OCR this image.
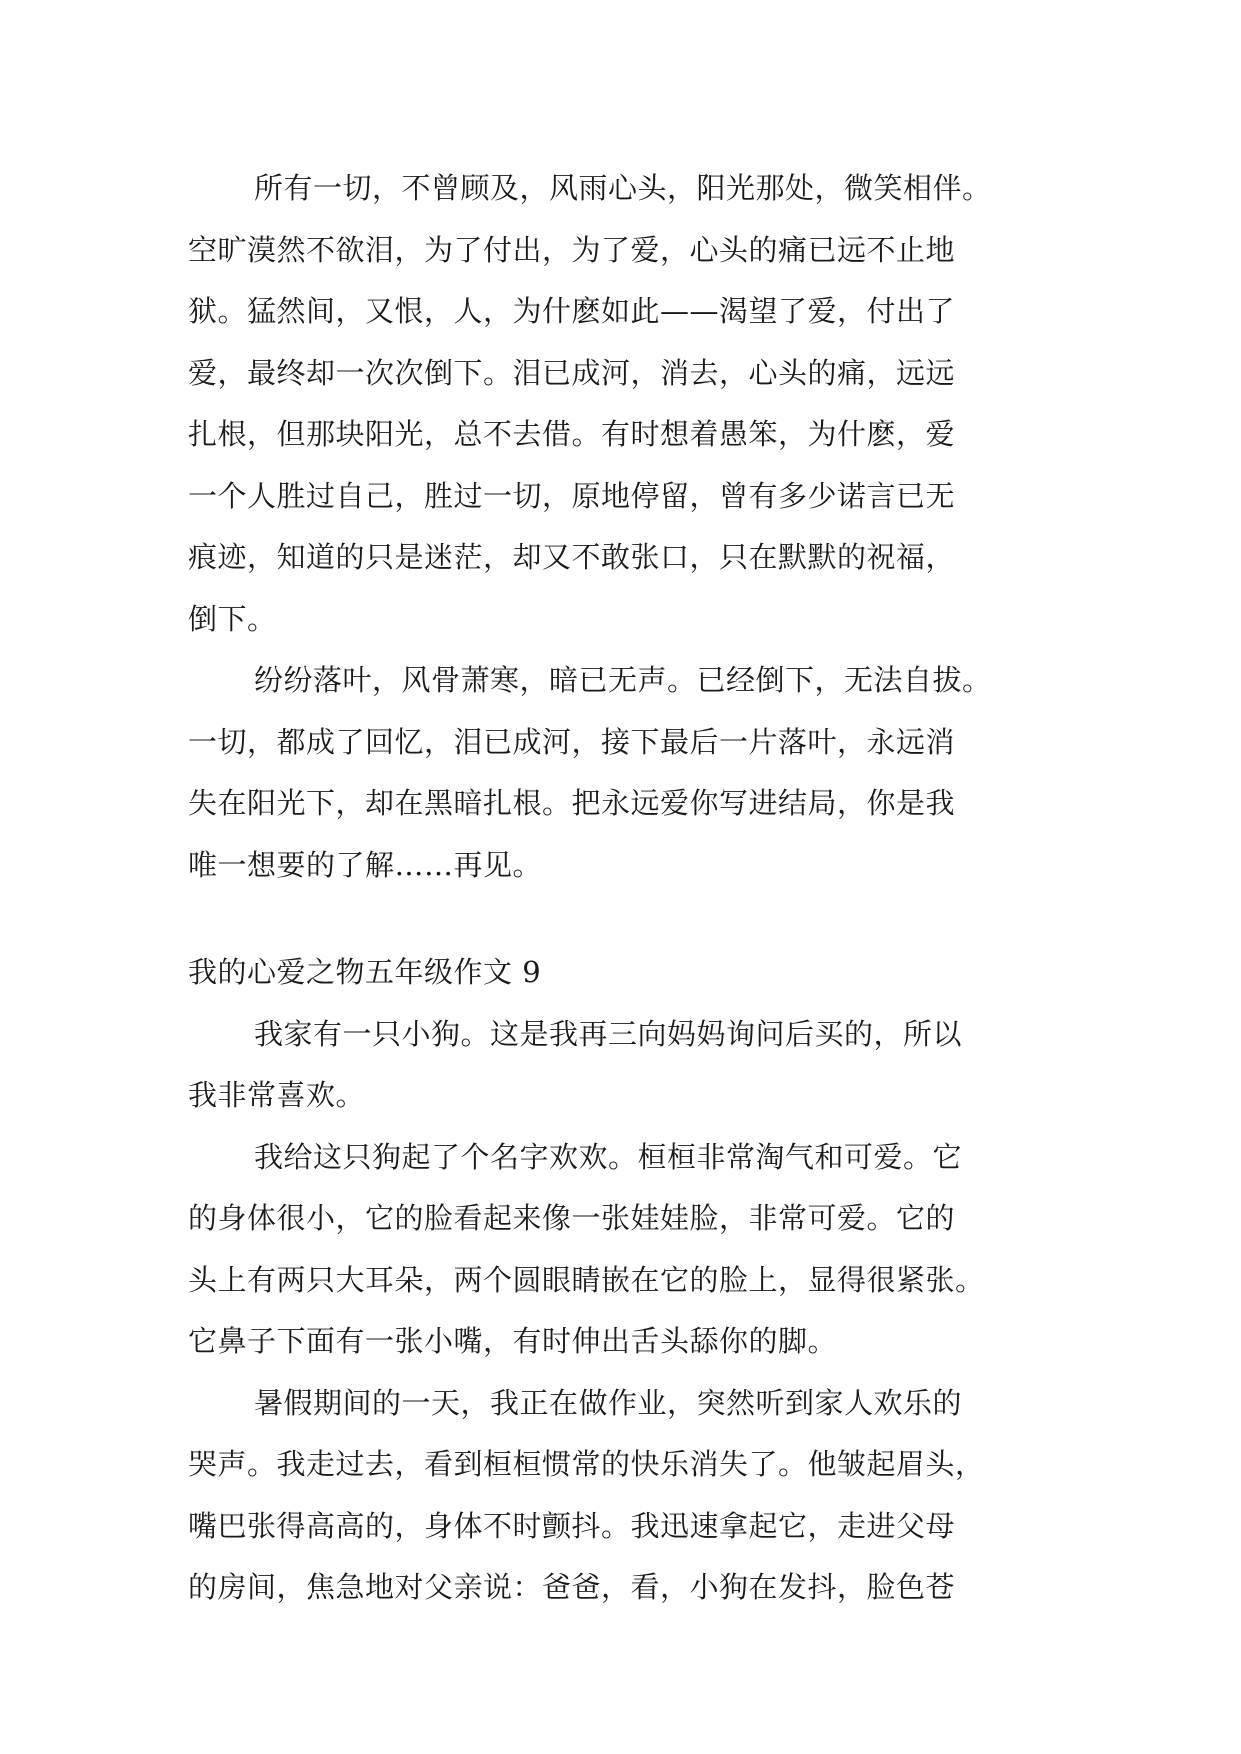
所有一切，不曾顾及，风雨心头，阳光那处，微笑相伴。
空旷漠然不欲泪，为了付出，为了爱，心头的痛已远不止地
狱。猛然间，又恨，人，为什麽如此——渴望了爱，付出了
爱，最终却一次次倒下。泪已成河，消去，心头的痛，远远
扎根，但那块阳光，总不去借。有时想着愚笨，为什麽，爱
一个人胜过自己，胜过一切，原地停留，曾有多少诺言已无
痕迹，知道的只是迷茫，却又不敢张口，只在默默的祝福，
倒下。
纷纷落叶，风骨萧寒，暗已无声。已经倒下，无法自拔。
一切，都成了回忆，泪已成河，接下最后一片落叶，永远消
失在阳光下，却在黑暗扎根。把永远爱你写进结局，你是我
唯一想要的了解……再见。
我的心爱之物五年级作文 9
我家有一只小狗。这是我再三向妈妈询问后买的，所以
我非常喜欢。
我给这只狗起了个名字欢欢。桓桓非常淘气和可爱。它
的身体很小，它的脸看起来像一张娃娃脸，非常可爱。它的
头上有两只大耳朵，两个圆眼睛嵌在它的脸上，显得很紧张。
它鼻子下面有一张小嘴，有时伸出舌头舔你的脚。
暑假期间的一天，我正在做作业，突然听到家人欢乐的
哭声。我走过去，看到桓桓惯常的快乐消失了。他皱起眉头，
嘴巴张得高高的，身体不时颤抖。我迅速拿起它，走进父母
的房间，焦急地对父亲说：爸爸，看，小狗在发抖，脸色苍
